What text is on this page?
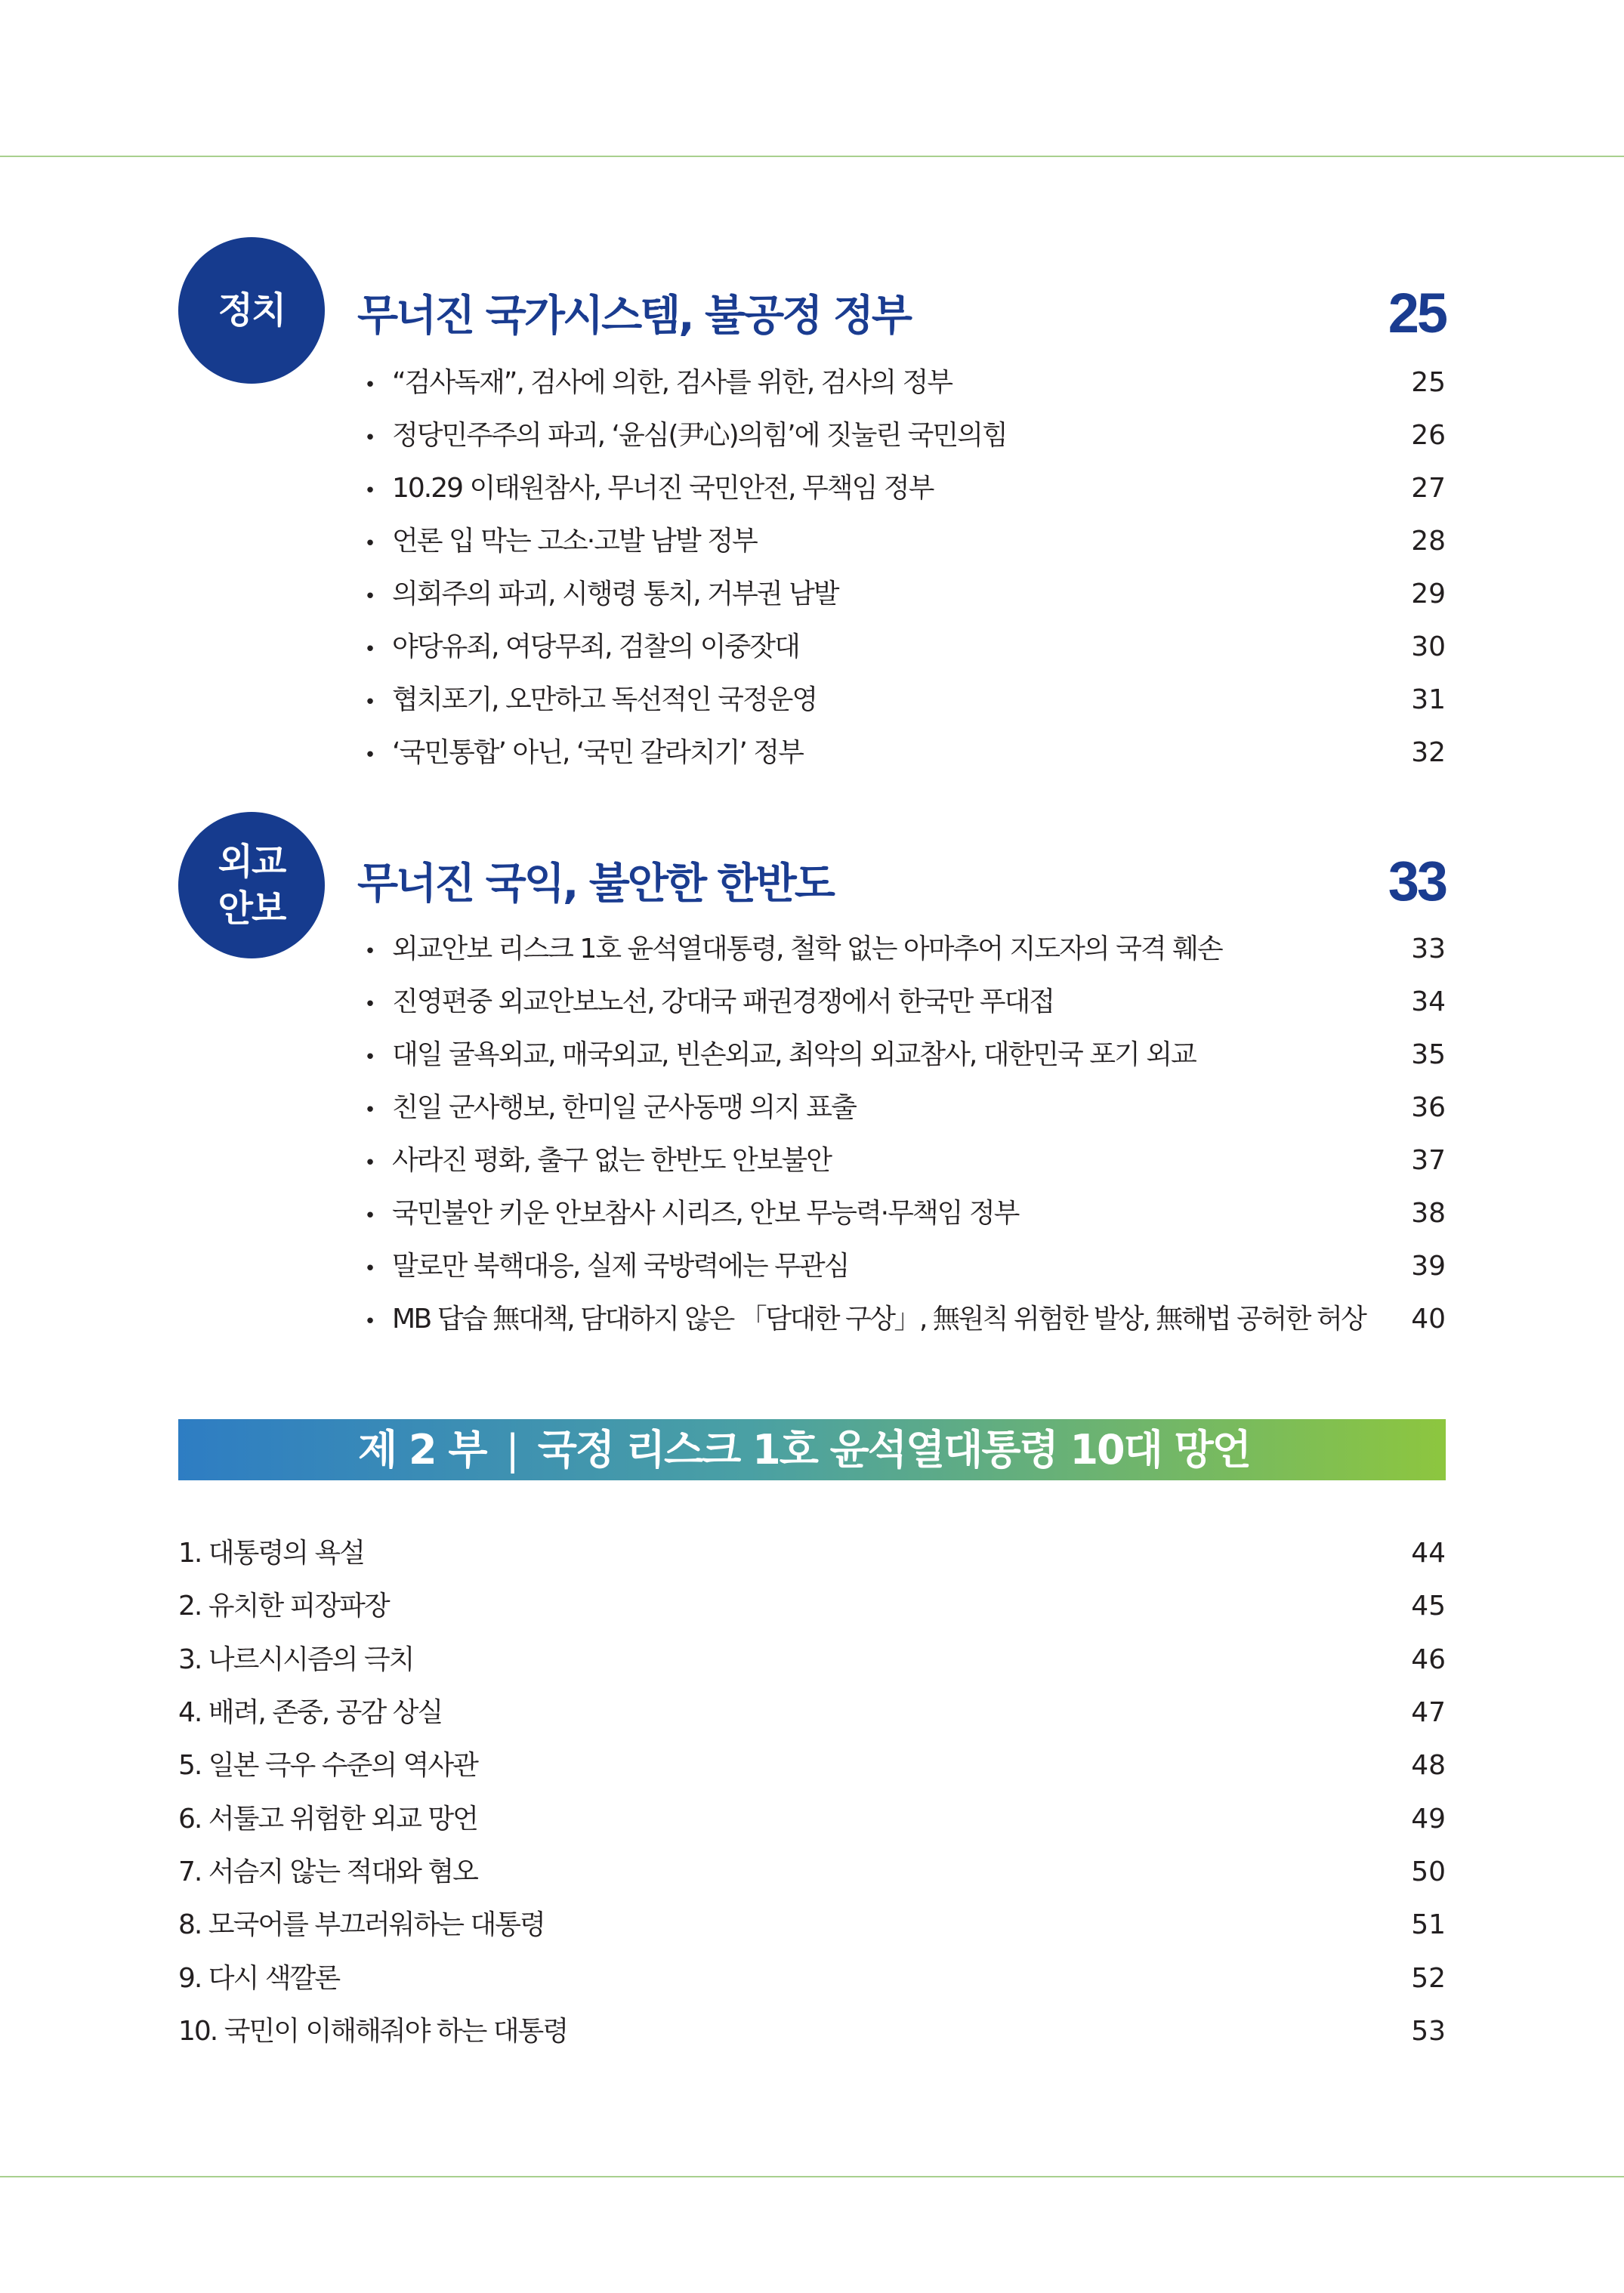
정치 무너진 국가시스템, 불공정 정부	25
•
“검사독재”, 검사에 의한, 검사를 위한, 검사의 정부	25
•
정당민주주의 파괴, ‘윤심(尹心)의힘’에 짓눌린 국민의힘	26
•
10.29 이태원참사, 무너진 국민안전, 무책임 정부	27
•
언론 입 막는 고소·고발 남발 정부	28
•
의회주의 파괴, 시행령 통치, 거부권 남발	29
•
야당유죄, 여당무죄, 검찰의 이중잣대	30
•
협치포기, 오만하고 독선적인 국정운영	31
•
‘국민통합’ 아닌, ‘국민 갈라치기’ 정부	32
외교
안보 무너진 국익, 불안한 한반도	33
•
외교안보 리스크 1호 윤석열대통령, 철학 없는 아마추어 지도자의 국격 훼손	33
•
진영편중 외교안보노선, 강대국 패권경쟁에서 한국만 푸대접	34
•
대일 굴욕외교, 매국외교, 빈손외교, 최악의 외교참사, 대한민국 포기 외교	35
•
친일 군사행보, 한미일 군사동맹 의지 표출	36
•
사라진 평화, 출구 없는 한반도 안보불안	37
•
국민불안 키운 안보참사 시리즈, 안보 무능력·무책임 정부	38
•
말로만 북핵대응, 실제 국방력에는 무관심	39
•
MB 답습 無대책, 담대하지 않은 「담대한 구상」, 無원칙 위험한 발상, 無해법 공허한 허상 40
제 2 부 | 국정 리스크 1호 윤석열대통령 10대 망언
1. 대통령의 욕설	44
2. 유치한 피장파장	45
3. 나르시시즘의 극치	46
4. 배려, 존중, 공감 상실	47
5. 일본 극우 수준의 역사관	48
6. 서툴고 위험한 외교 망언	49
7. 서슴지 않는 적대와 혐오	50
8. 모국어를 부끄러워하는 대통령	51
9. 다시 색깔론	52
10. 국민이 이해해줘야 하는 대통령	53
